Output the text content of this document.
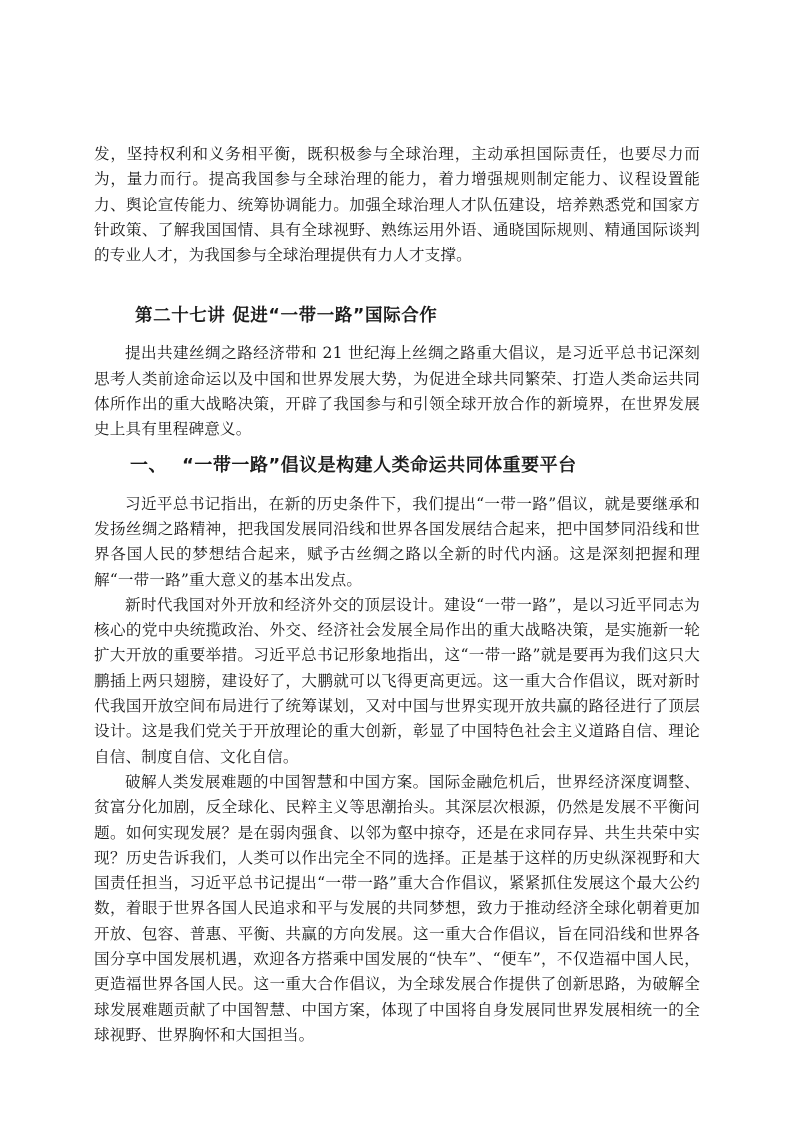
发，坚持权利和义务相平衡，既积极参与全球治理，主动承担国际责任，也要尽力而为，量力而行。提高我国参与全球治理的能力，着力增强规则制定能力、议程设置能力、舆论宣传能力、统筹协调能力。加强全球治理人才队伍建设，培养熟悉党和国家方针政策、了解我国国情、具有全球视野、熟练运用外语、通晓国际规则、精通国际谈判的专业人才，为我国参与全球治理提供有力人才支撑。

第二十七讲 促进“一带一路”国际合作

提出共建丝绸之路经济带和 21 世纪海上丝绸之路重大倡议，是习近平总书记深刻思考人类前途命运以及中国和世界发展大势，为促进全球共同繁荣、打造人类命运共同体所作出的重大战略决策，开辟了我国参与和引领全球开放合作的新境界，在世界发展史上具有里程碑意义。

一、 “一带一路”倡议是构建人类命运共同体重要平台

习近平总书记指出，在新的历史条件下，我们提出“一带一路”倡议，就是要继承和发扬丝绸之路精神，把我国发展同沿线和世界各国发展结合起来，把中国梦同沿线和世界各国人民的梦想结合起来，赋予古丝绸之路以全新的时代内涵。这是深刻把握和理解“一带一路”重大意义的基本出发点。

新时代我国对外开放和经济外交的顶层设计。建设“一带一路”，是以习近平同志为核心的党中央统揽政治、外交、经济社会发展全局作出的重大战略决策，是实施新一轮扩大开放的重要举措。习近平总书记形象地指出，这“一带一路”就是要再为我们这只大鹏插上两只翅膀，建设好了，大鹏就可以飞得更高更远。这一重大合作倡议，既对新时代我国开放空间布局进行了统筹谋划，又对中国与世界实现开放共赢的路径进行了顶层设计。这是我们党关于开放理论的重大创新，彰显了中国特色社会主义道路自信、理论自信、制度自信、文化自信。

破解人类发展难题的中国智慧和中国方案。国际金融危机后，世界经济深度调整、贫富分化加剧，反全球化、民粹主义等思潮抬头。其深层次根源，仍然是发展不平衡问题。如何实现发展？是在弱肉强食、以邻为壑中掠夺，还是在求同存异、共生共荣中实现？历史告诉我们，人类可以作出完全不同的选择。正是基于这样的历史纵深视野和大国责任担当，习近平总书记提出“一带一路”重大合作倡议，紧紧抓住发展这个最大公约数，着眼于世界各国人民追求和平与发展的共同梦想，致力于推动经济全球化朝着更加开放、包容、普惠、平衡、共赢的方向发展。这一重大合作倡议，旨在同沿线和世界各国分享中国发展机遇，欢迎各方搭乘中国发展的“快车”、“便车”，不仅造福中国人民，更造福世界各国人民。这一重大合作倡议，为全球发展合作提供了创新思路，为破解全球发展难题贡献了中国智慧、中国方案，体现了中国将自身发展同世界发展相统一的全球视野、世界胸怀和大国担当。
